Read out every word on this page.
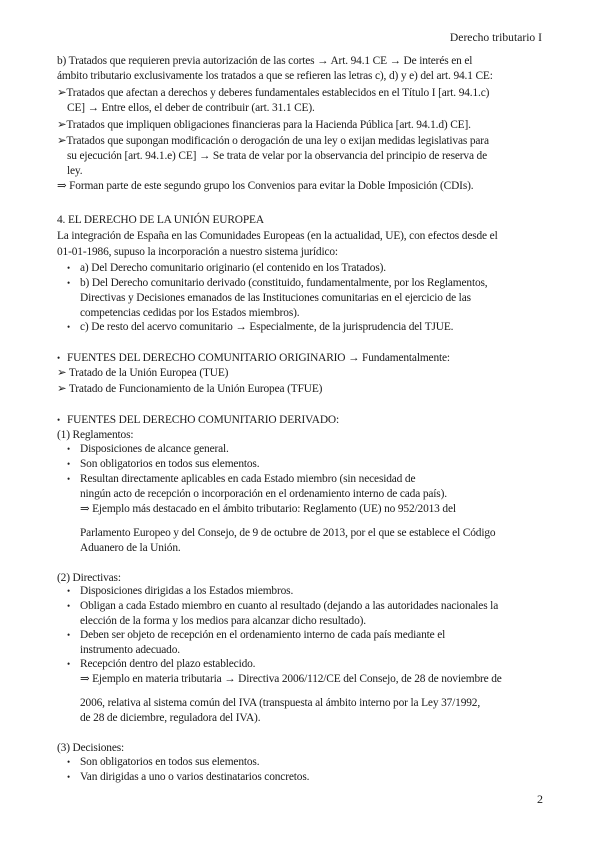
Derecho tributario I
b) Tratados que requieren previa autorización de las cortes → Art. 94.1 CE → De interés en el
ámbito tributario exclusivamente los tratados a que se refieren las letras c), d) y e) del art. 94.1 CE:
➢Tratados que afectan a derechos y deberes fundamentales establecidos en el Título I [art. 94.1.c)
CE] → Entre ellos, el deber de contribuir (art. 31.1 CE).
➢Tratados que impliquen obligaciones financieras para la Hacienda Pública [art. 94.1.d) CE].
➢Tratados que supongan modificación o derogación de una ley o exijan medidas legislativas para
su ejecución [art. 94.1.e) CE] → Se trata de velar por la observancia del principio de reserva de
ley.
⇒ Forman parte de este segundo grupo los Convenios para evitar la Doble Imposición (CDIs).
4. EL DERECHO DE LA UNIÓN EUROPEA
La integración de España en las Comunidades Europeas (en la actualidad, UE), con efectos desde el
01-01-1986, supuso la incorporación a nuestro sistema jurídico:
• a) Del Derecho comunitario originario (el contenido en los Tratados).
• b) Del Derecho comunitario derivado (constituido, fundamentalmente, por los Reglamentos,
Directivas y Decisiones emanados de las Instituciones comunitarias en el ejercicio de las
competencias cedidas por los Estados miembros).
• c) De resto del acervo comunitario → Especialmente, de la jurisprudencia del TJUE.
• FUENTES DEL DERECHO COMUNITARIO ORIGINARIO → Fundamentalmente:
➢ Tratado de la Unión Europea (TUE)
➢ Tratado de Funcionamiento de la Unión Europea (TFUE)
• FUENTES DEL DERECHO COMUNITARIO DERIVADO:
(1) Reglamentos:
• Disposiciones de alcance general.
• Son obligatorios en todos sus elementos.
• Resultan directamente aplicables en cada Estado miembro (sin necesidad de
ningún acto de recepción o incorporación en el ordenamiento interno de cada país).
⇒ Ejemplo más destacado en el ámbito tributario: Reglamento (UE) no 952/2013 del
Parlamento Europeo y del Consejo, de 9 de octubre de 2013, por el que se establece el Código
Aduanero de la Unión.
(2) Directivas:
• Disposiciones dirigidas a los Estados miembros.
• Obligan a cada Estado miembro en cuanto al resultado (dejando a las autoridades nacionales la
elección de la forma y los medios para alcanzar dicho resultado).
• Deben ser objeto de recepción en el ordenamiento interno de cada país mediante el
instrumento adecuado.
• Recepción dentro del plazo establecido.
⇒ Ejemplo en materia tributaria → Directiva 2006/112/CE del Consejo, de 28 de noviembre de
2006, relativa al sistema común del IVA (transpuesta al ámbito interno por la Ley 37/1992,
de 28 de diciembre, reguladora del IVA).
(3) Decisiones:
• Son obligatorios en todos sus elementos.
• Van dirigidas a uno o varios destinatarios concretos.
2
